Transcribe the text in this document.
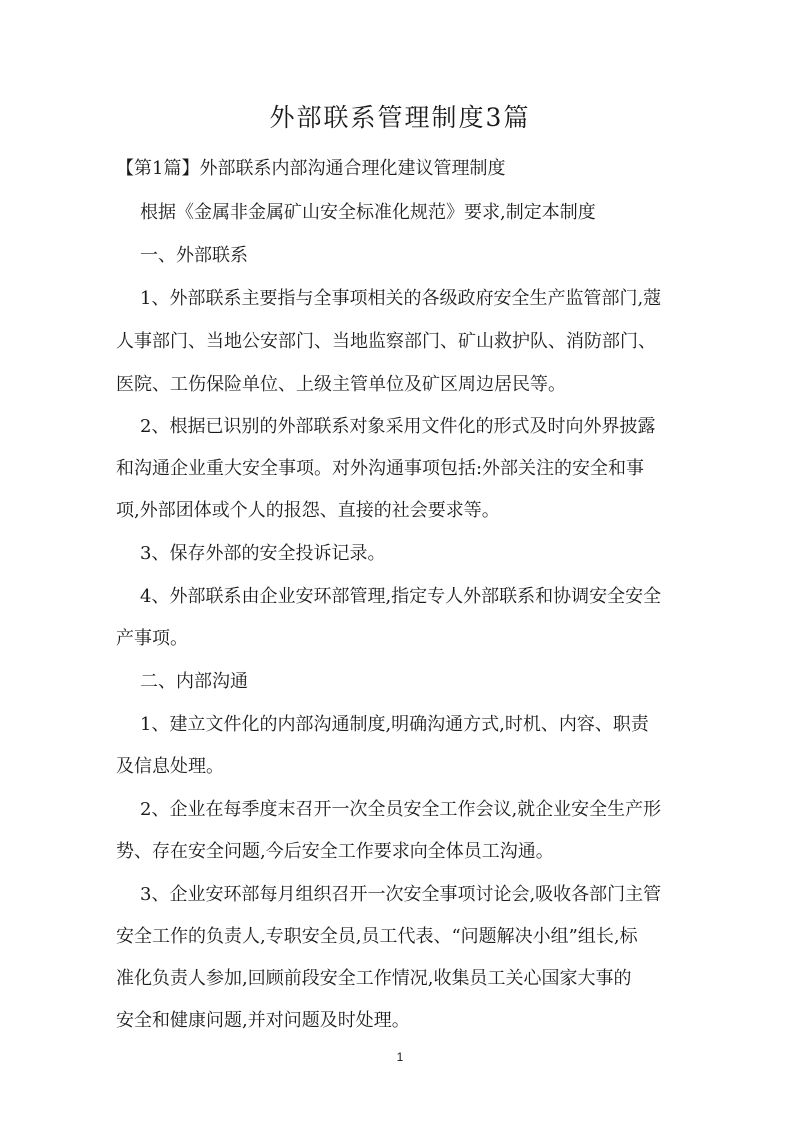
外部联系管理制度3篇
【第1篇】外部联系内部沟通合理化建议管理制度
根据《金属非金属矿山安全标准化规范》要求,制定本制度
一、外部联系
1、外部联系主要指与全事项相关的各级政府安全生产监管部门,蔻
人事部门、当地公安部门、当地监察部门、矿山救护队、消防部门、
医院、工伤保险单位、上级主管单位及矿区周边居民等。
2、根据已识别的外部联系对象采用文件化的形式及时向外界披露
和沟通企业重大安全事项。对外沟通事项包括:外部关注的安全和事
项,外部团体或个人的报怨、直接的社会要求等。
3、保存外部的安全投诉记录。
4、外部联系由企业安环部管理,指定专人外部联系和协调安全安全
产事项。
二、内部沟通
1、建立文件化的内部沟通制度,明确沟通方式,时机、内容、职责
及信息处理。
2、企业在每季度末召开一次全员安全工作会议,就企业安全生产形
势、存在安全问题,今后安全工作要求向全体员工沟通。
3、企业安环部每月组织召开一次安全事项讨论会,吸收各部门主管
安全工作的负责人,专职安全员,员工代表、“问题解决小组”组长,标
准化负责人参加,回顾前段安全工作情况,收集员工关心国家大事的
安全和健康问题,并对问题及时处理。
1
